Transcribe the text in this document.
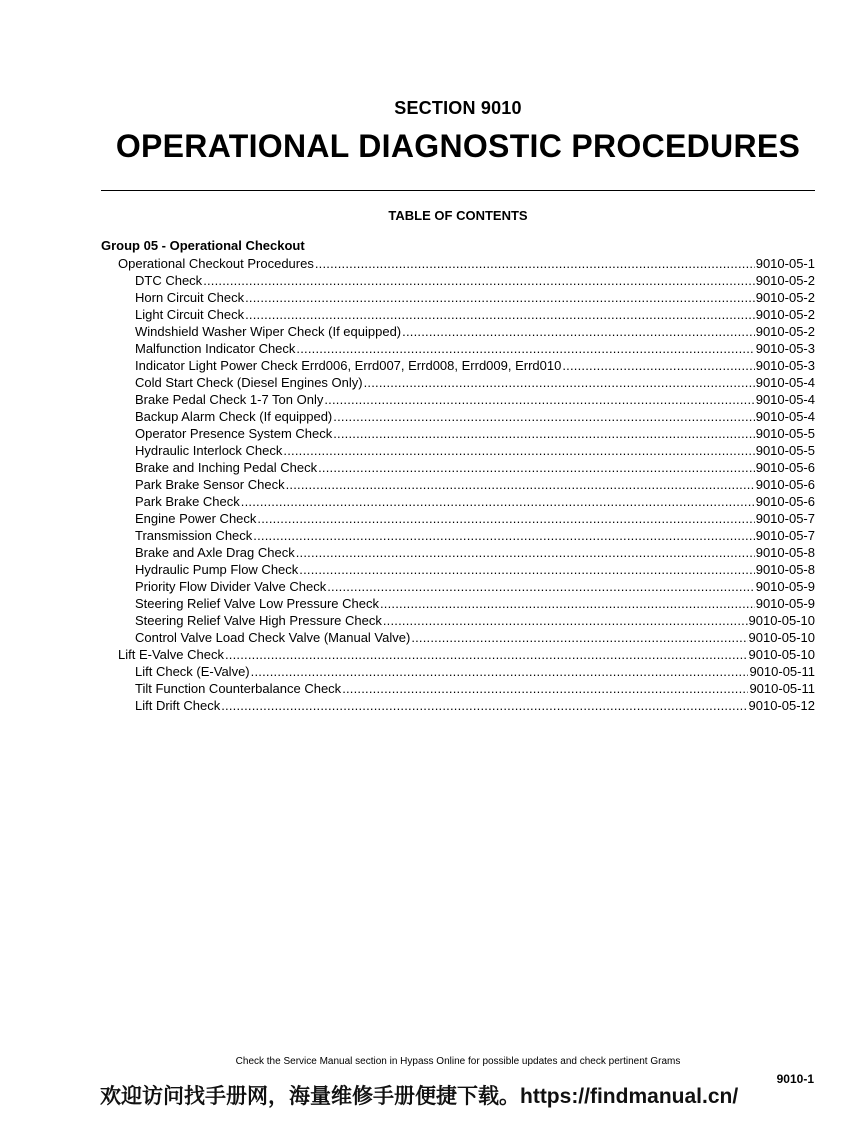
SECTION 9010
OPERATIONAL DIAGNOSTIC PROCEDURES
TABLE OF CONTENTS
Group 05 - Operational Checkout
Operational Checkout Procedures .....	9010-05-1
DTC Check .....	9010-05-2
Horn Circuit Check .....	9010-05-2
Light Circuit Check .....	9010-05-2
Windshield Washer Wiper Check (If equipped) .....	9010-05-2
Malfunction Indicator Check .....	9010-05-3
Indicator Light Power Check Errd006, Errd007, Errd008, Errd009, Errd010 .....	9010-05-3
Cold Start Check (Diesel Engines Only) .....	9010-05-4
Brake Pedal Check 1-7 Ton Only .....	9010-05-4
Backup Alarm Check (If equipped) .....	9010-05-4
Operator Presence System Check .....	9010-05-5
Hydraulic Interlock Check .....	9010-05-5
Brake and Inching Pedal Check .....	9010-05-6
Park Brake Sensor Check .....	9010-05-6
Park Brake Check .....	9010-05-6
Engine Power Check .....	9010-05-7
Transmission Check .....	9010-05-7
Brake and Axle Drag Check .....	9010-05-8
Hydraulic Pump Flow Check .....	9010-05-8
Priority Flow Divider Valve Check .....	9010-05-9
Steering Relief Valve Low Pressure Check .....	9010-05-9
Steering Relief Valve High Pressure Check .....	9010-05-10
Control Valve Load Check Valve (Manual Valve) .....	9010-05-10
Lift E-Valve Check .....	9010-05-10
Lift Check (E-Valve) .....	9010-05-11
Tilt Function Counterbalance Check .....	9010-05-11
Lift Drift Check .....	9010-05-12
Check the Service Manual section in Hypass Online for possible updates and check pertinent Grams
9010-1
欢迎访问找手册网，海量维修手册便捷下载。https://findmanual.cn/
